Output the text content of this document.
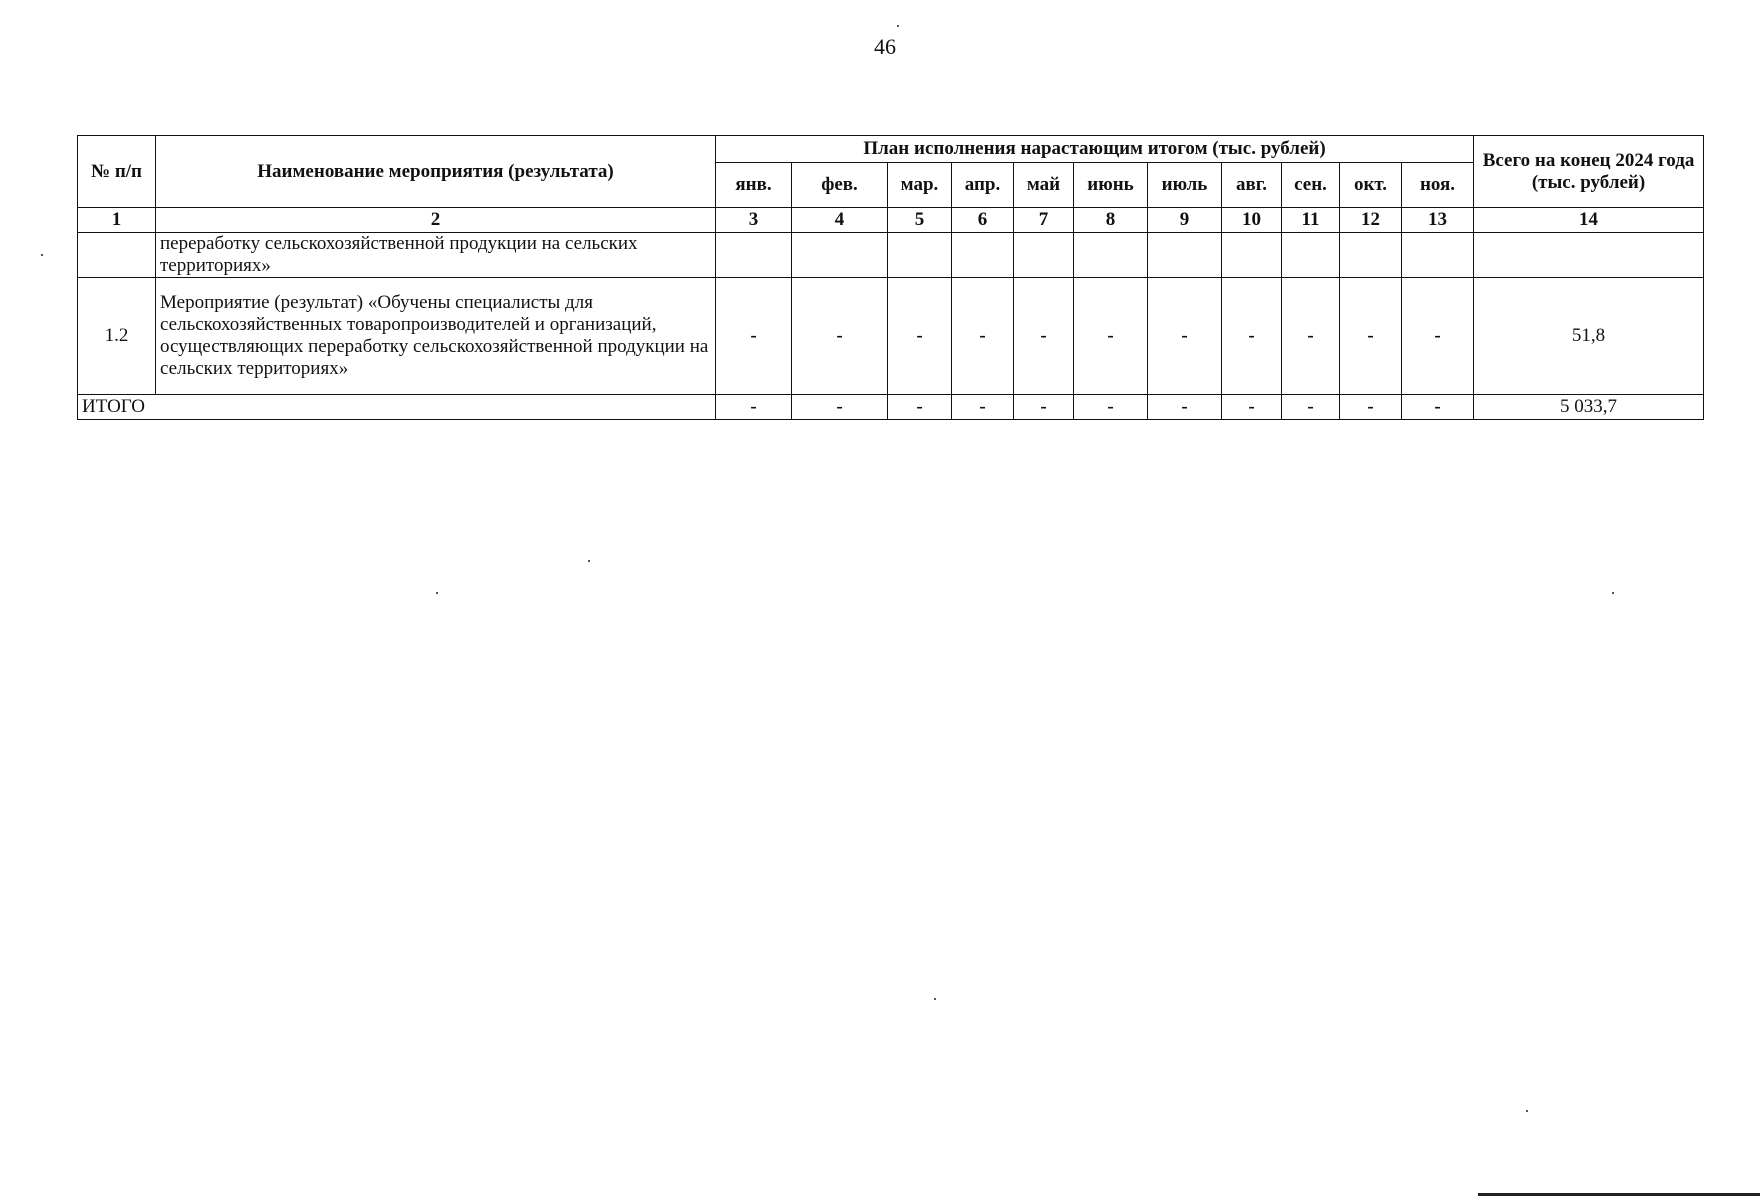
46
№ п/п	Наименование мероприятия (результата)	План исполнения нарастающим итогом (тыс. рублей)											Всего на конец 2024 года (тыс. рублей)
		янв.	фев.	мар.	апр.	май	июнь	июль	авг.	сен.	окт.	ноя.	
1	2	3	4	5	6	7	8	9	10	11	12	13	14
	переработку сельскохозяйственной продукции на сельских территориях»												
1.2	Мероприятие (результат) «Обучены специалисты для сельскохозяйственных товаропроизводителей и организаций, осуществляющих переработку сельскохозяйственной продукции на сельских территориях»	-	-	-	-	-	-	-	-	-	-	-	51,8
ИТОГО		-	-	-	-	-	-	-	-	-	-	-	5 033,7
